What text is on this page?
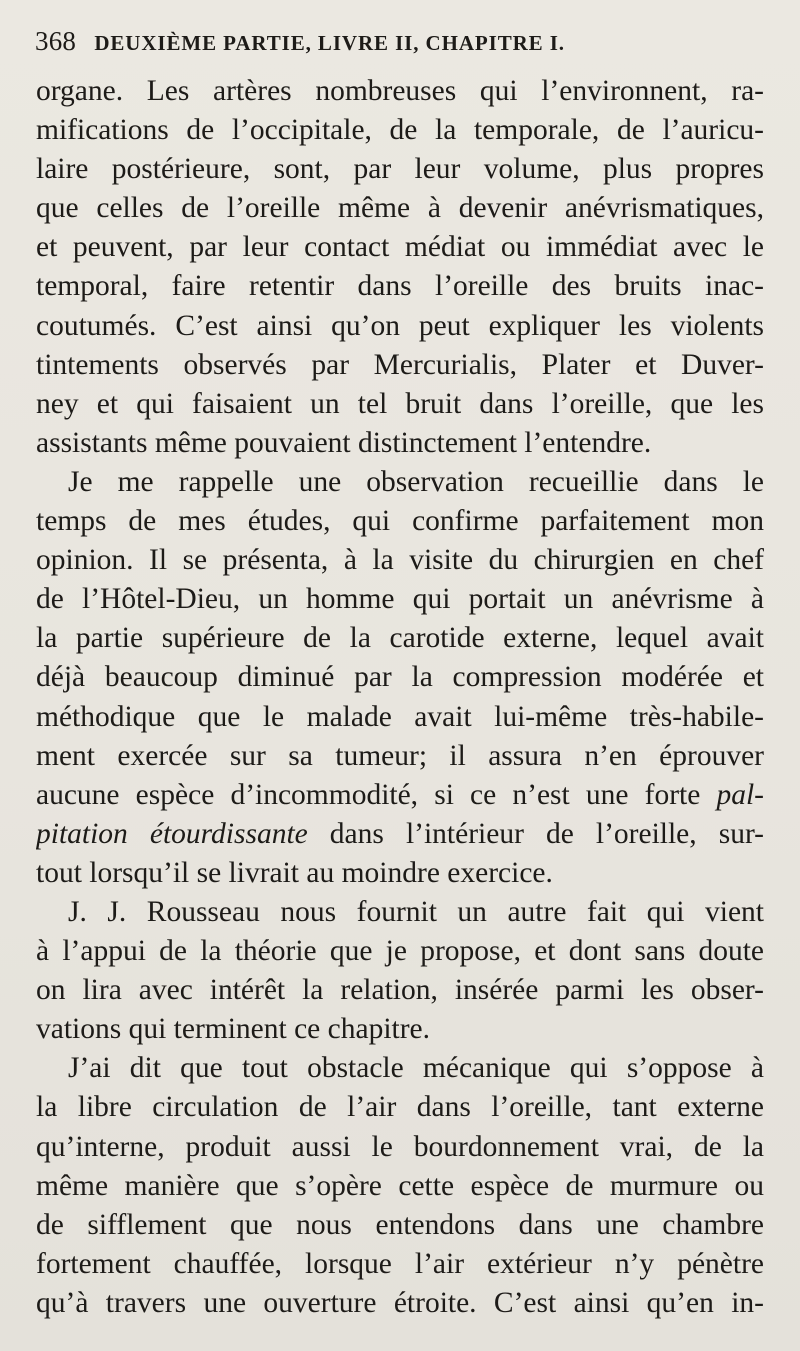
368 DEUXIÈME PARTIE, LIVRE II, CHAPITRE I.
organe. Les artères nombreuses qui l’environnent, ra-
mifications de l’occipitale, de la temporale, de l’auricu-
laire postérieure, sont, par leur volume, plus propres
que celles de l’oreille même à devenir anévrismatiques,
et peuvent, par leur contact médiat ou immédiat avec le
temporal, faire retentir dans l’oreille des bruits inac-
coutumés. C’est ainsi qu’on peut expliquer les violents
tintements observés par Mercurialis, Plater et Duver-
ney et qui faisaient un tel bruit dans l’oreille, que les
assistants même pouvaient distinctement l’entendre.
Je me rappelle une observation recueillie dans le
temps de mes études, qui confirme parfaitement mon
opinion. Il se présenta, à la visite du chirurgien en chef
de l’Hôtel-Dieu, un homme qui portait un anévrisme à
la partie supérieure de la carotide externe, lequel avait
déjà beaucoup diminué par la compression modérée et
méthodique que le malade avait lui-même très-habile-
ment exercée sur sa tumeur; il assura n’en éprouver
aucune espèce d’incommodité, si ce n’est une forte pal-
pitation étourdissante dans l’intérieur de l’oreille, sur-
tout lorsqu’il se livrait au moindre exercice.
J. J. Rousseau nous fournit un autre fait qui vient
à l’appui de la théorie que je propose, et dont sans doute
on lira avec intérêt la relation, insérée parmi les obser-
vations qui terminent ce chapitre.
J’ai dit que tout obstacle mécanique qui s’oppose à
la libre circulation de l’air dans l’oreille, tant externe
qu’interne, produit aussi le bourdonnement vrai, de la
même manière que s’opère cette espèce de murmure ou
de sifflement que nous entendons dans une chambre
fortement chauffée, lorsque l’air extérieur n’y pénètre
qu’à travers une ouverture étroite. C’est ainsi qu’en in-
